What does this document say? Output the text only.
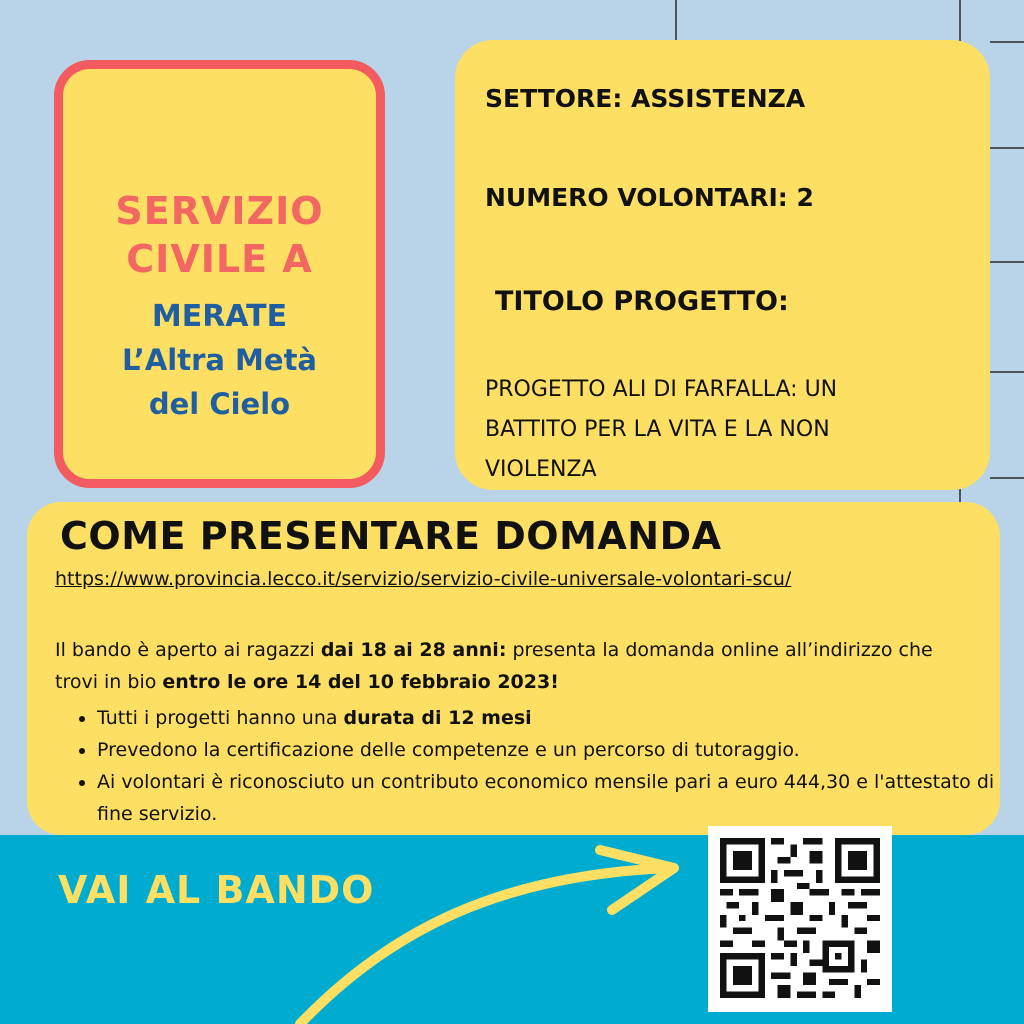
SERVIZIO
CIVILE A
MERATE
L’Altra Metà
del Cielo
SETTORE: ASSISTENZA
NUMERO VOLONTARI: 2
TITOLO PROGETTO:
PROGETTO ALI DI FARFALLA: UN BATTITO PER LA VITA E LA NON VIOLENZA
COME PRESENTARE DOMANDA
https://www.provincia.lecco.it/servizio/servizio-civile-universale-volontari-scu/
Il bando è aperto ai ragazzi dai 18 ai 28 anni: presenta la domanda online all’indirizzo che trovi in bio entro le ore 14 del 10 febbraio 2023!
• Tutti i progetti hanno una durata di 12 mesi
• Prevedono la certificazione delle competenze e un percorso di tutoraggio.
• Ai volontari è riconosciuto un contributo economico mensile pari a euro 444,30 e l'attestato di fine servizio.
VAI AL BANDO
